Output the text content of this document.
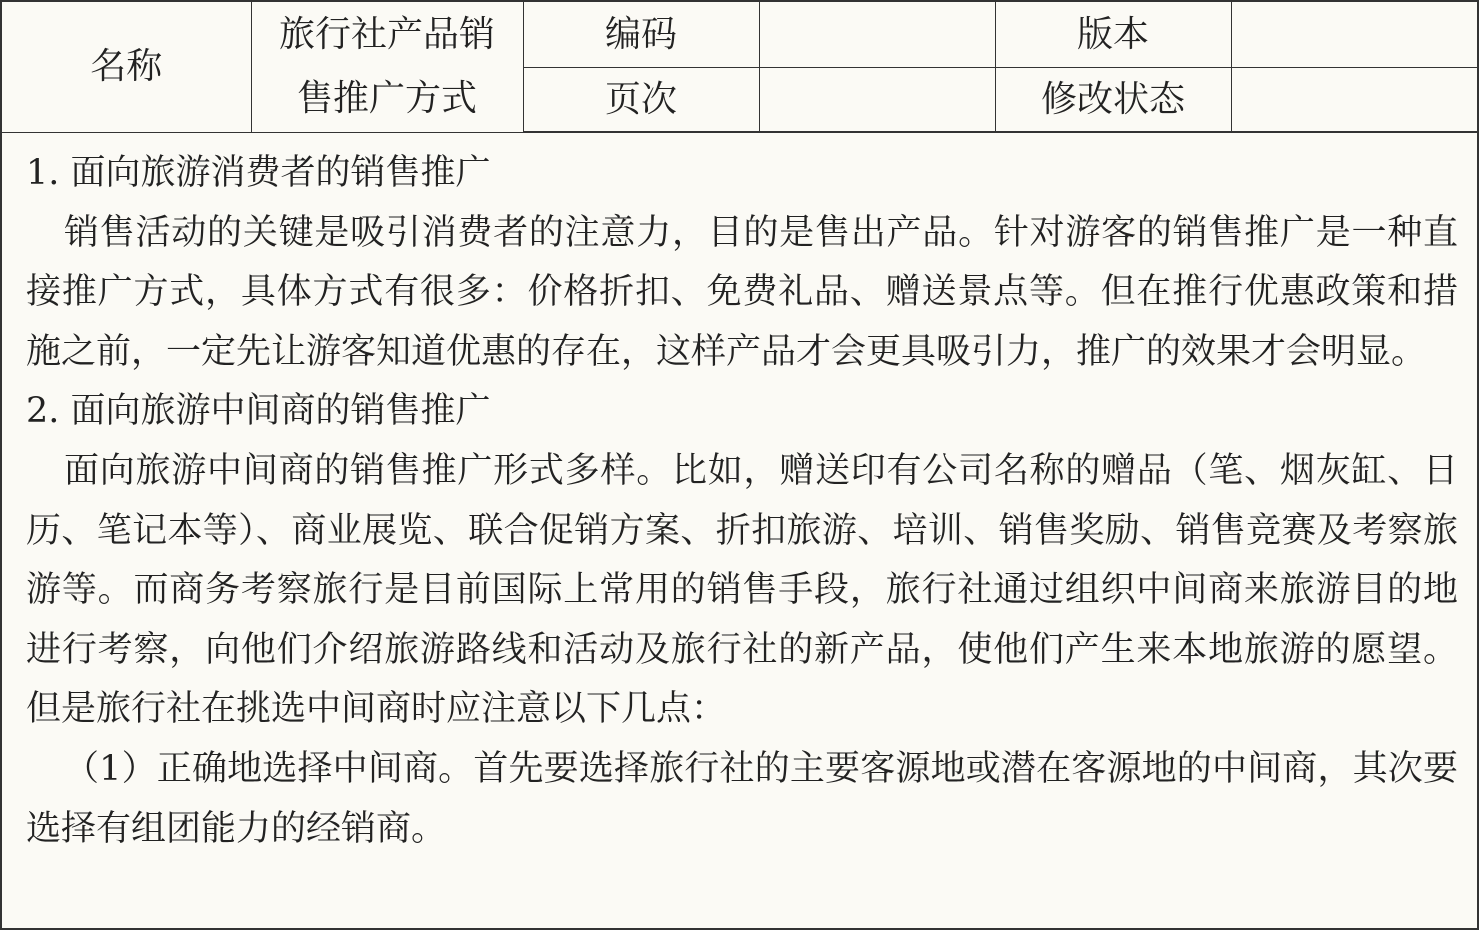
名称	旅行社产品销
售推广方式	编码		版本	
		页次		修改状态	

1. 面向旅游消费者的销售推广

销售活动的关键是吸引消费者的注意力，目的是售出产品。针对游客的销售推广是一种直接推广方式，具体方式有很多：价格折扣、免费礼品、赠送景点等。但在推行优惠政策和措施之前，一定先让游客知道优惠的存在，这样产品才会更具吸引力，推广的效果才会明显。

2. 面向旅游中间商的销售推广

面向旅游中间商的销售推广形式多样。比如，赠送印有公司名称的赠品（笔、烟灰缸、日历、笔记本等）、商业展览、联合促销方案、折扣旅游、培训、销售奖励、销售竞赛及考察旅游等。而商务考察旅行是目前国际上常用的销售手段，旅行社通过组织中间商来旅游目的地进行考察，向他们介绍旅游路线和活动及旅行社的新产品，使他们产生来本地旅游的愿望。但是旅行社在挑选中间商时应注意以下几点：

（1）正确地选择中间商。首先要选择旅行社的主要客源地或潜在客源地的中间商，其次要选择有组团能力的经销商。
